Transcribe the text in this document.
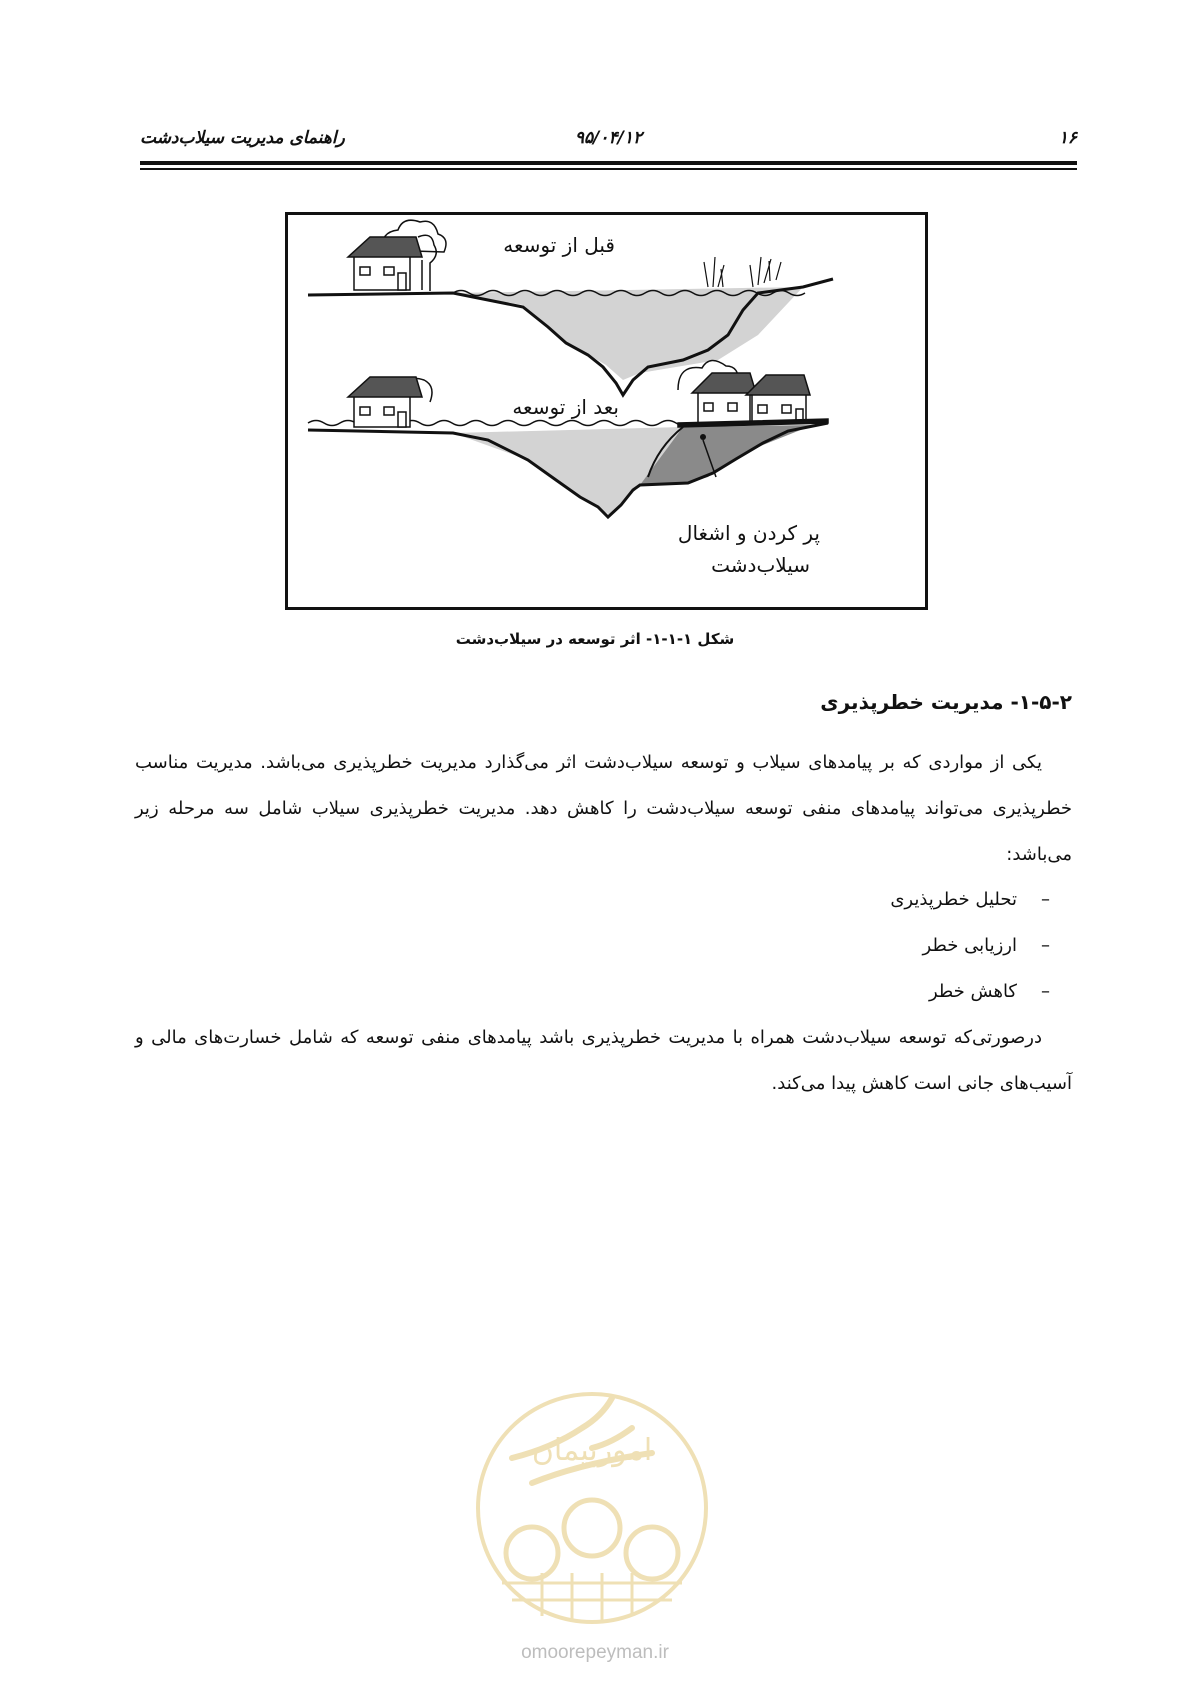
راهنمای مدیریت سیلاب‌دشت	۹۵/۰۴/۱۲	۱۶
قبل از توسعه
بعد از توسعه
پر کردن و اشغال
سیلاب‌دشت
شکل ۱-۱-۱- اثر توسعه در سیلاب‌دشت
۱-۵-۲- مدیریت خطرپذیری
یکی از مواردی که بر پیامدهای سیلاب و توسعه سیلاب‌دشت اثر می‌گذارد مدیریت خطرپذیری می‌باشد. مدیریت مناسب خطرپذیری می‌تواند پیامدهای منفی توسعه سیلاب‌دشت را کاهش دهد. مدیریت خطرپذیری سیلاب شامل سه مرحله زیر می‌باشد:
–
تحلیل خطرپذیری
–
ارزیابی خطر
–
کاهش خطر
درصورتی‌که توسعه سیلاب‌دشت همراه با مدیریت خطرپذیری باشد پیامدهای منفی توسعه که شامل خسارت‌های مالی و آسیب‌های جانی است کاهش پیدا می‌کند.
امورپیمان
omoorepeyman.ir
